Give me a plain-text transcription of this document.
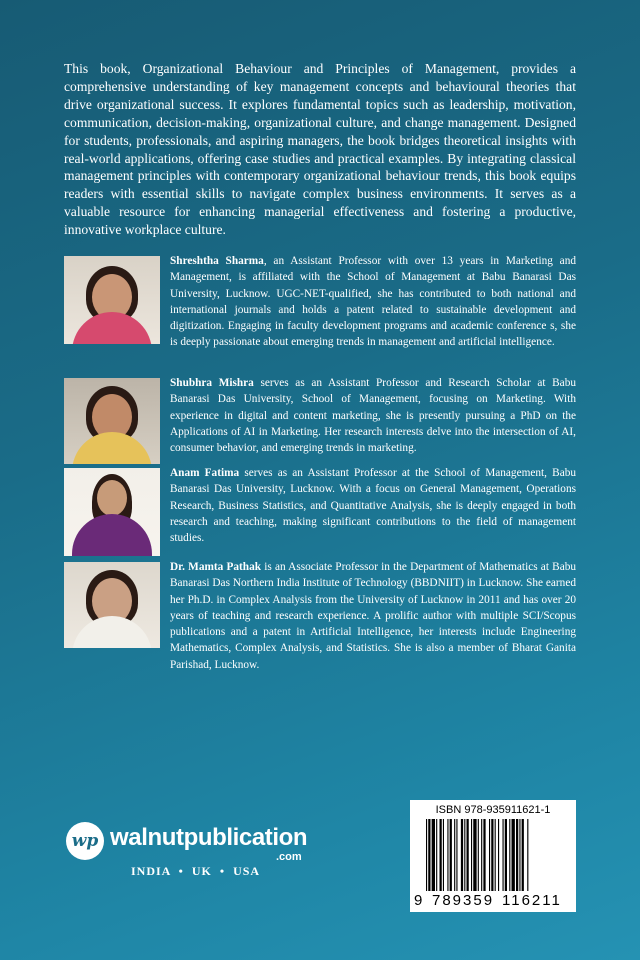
This book, Organizational Behaviour and Principles of Management, provides a comprehensive understanding of key management concepts and behavioural theories that drive organizational success. It explores fundamental topics such as leadership, motivation, communication, decision-making, organizational culture, and change management. Designed for students, professionals, and aspiring managers, the book bridges theoretical insights with real-world applications, offering case studies and practical examples. By integrating classical management principles with contemporary organizational behaviour trends, this book equips readers with essential skills to navigate complex business environments. It serves as a valuable resource for enhancing managerial effectiveness and fostering a productive, innovative workplace culture.

Shreshtha Sharma, an Assistant Professor with over 13 years in Marketing and Management, is affiliated with the School of Management at Babu Banarasi Das University, Lucknow. UGC-NET-qualified, she has contributed to both national and international journals and holds a patent related to sustainable development and digitization. Engaging in faculty development programs and academic conference s, she is deeply passionate about emerging trends in management and artificial intelligence.

Shubhra Mishra serves as an Assistant Professor and Research Scholar at Babu Banarasi Das University, School of Management, focusing on Marketing. With experience in digital and content marketing, she is presently pursuing a PhD on the Applications of AI in Marketing. Her research interests delve into the intersection of AI, consumer behavior, and emerging trends in marketing.

Anam Fatima serves as an Assistant Professor at the School of Management, Babu Banarasi Das University, Lucknow. With a focus on General Management, Operations Research, Business Statistics, and Quantitative Analysis, she is deeply engaged in both research and teaching, making significant contributions to the field of management studies.

Dr. Mamta Pathak is an Associate Professor in the Department of Mathematics at Babu Banarasi Das Northern India Institute of Technology (BBDNIIT) in Lucknow. She earned her Ph.D. in Complex Analysis from the University of Lucknow in 2011 and has over 20 years of teaching and research experience. A prolific author with multiple SCI/Scopus publications and a patent in Artificial Intelligence, her interests include Engineering Mathematics, Complex Analysis, and Statistics. She is also a member of Bharat Ganita Parishad, Lucknow.

wp walnutpublication
.com
INDIA  •  UK  •  USA
ISBN 978-935911621-1
9 789359 116211
